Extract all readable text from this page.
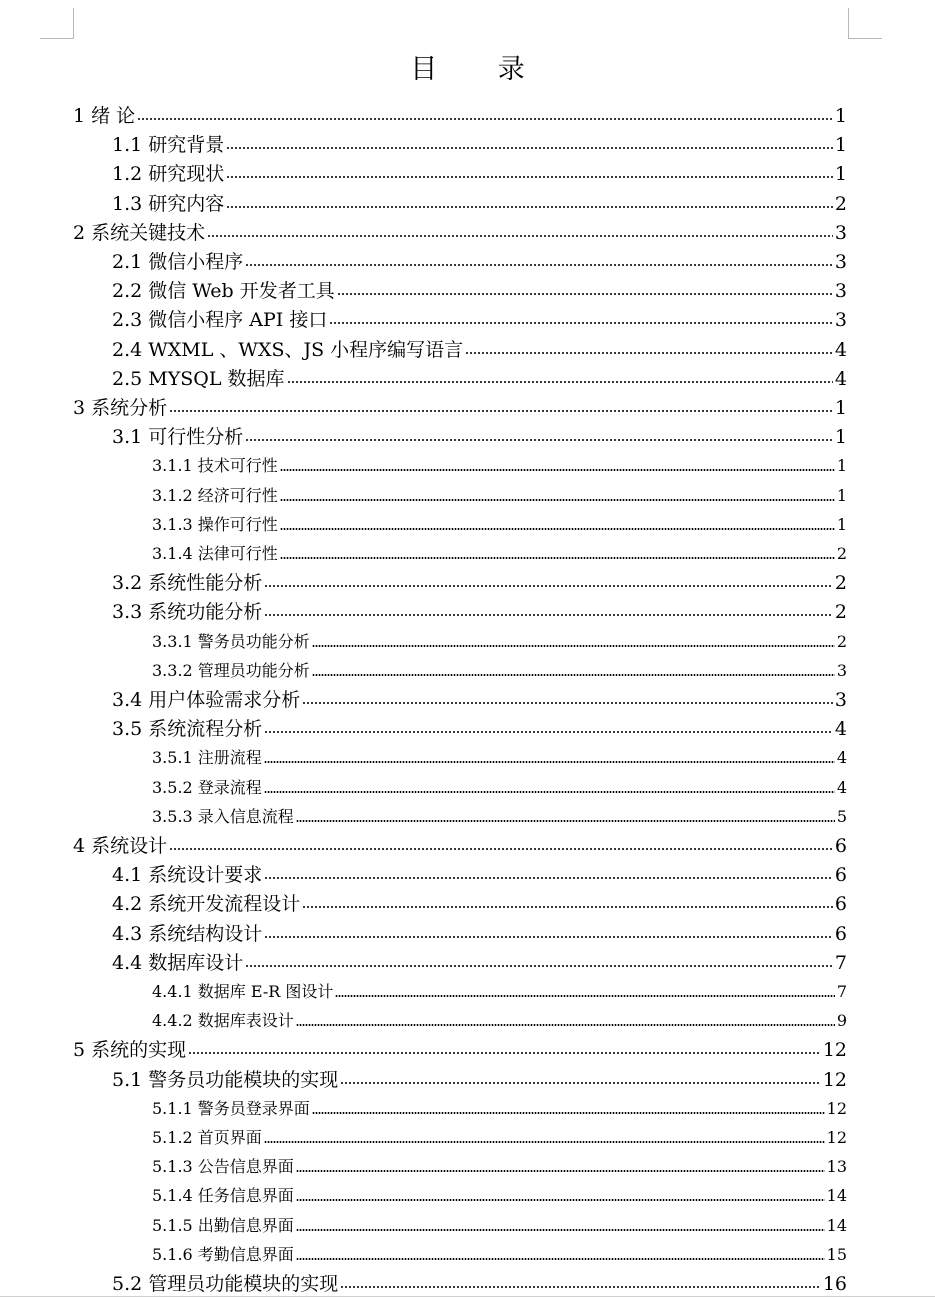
目 录
1 绪 论	1
1.1 研究背景	1
1.2 研究现状	1
1.3 研究内容	2
2 系统关键技术	3
2.1 微信小程序	3
2.2 微信 Web 开发者工具	3
2.3 微信小程序 API 接口	3
2.4 WXML 、WXS、JS 小程序编写语言	4
2.5 MYSQL 数据库	4
3 系统分析	1
3.1 可行性分析	1
3.1.1 技术可行性	1
3.1.2 经济可行性	1
3.1.3 操作可行性	1
3.1.4 法律可行性	2
3.2 系统性能分析	2
3.3 系统功能分析	2
3.3.1 警务员功能分析	2
3.3.2 管理员功能分析	3
3.4 用户体验需求分析	3
3.5 系统流程分析	4
3.5.1 注册流程	4
3.5.2 登录流程	4
3.5.3 录入信息流程	5
4 系统设计	6
4.1 系统设计要求	6
4.2 系统开发流程设计	6
4.3 系统结构设计	6
4.4 数据库设计	7
4.4.1 数据库 E-R 图设计	7
4.4.2 数据库表设计	9
5 系统的实现	12
5.1 警务员功能模块的实现	12
5.1.1 警务员登录界面	12
5.1.2 首页界面	12
5.1.3 公告信息界面	13
5.1.4 任务信息界面	14
5.1.5 出勤信息界面	14
5.1.6 考勤信息界面	15
5.2 管理员功能模块的实现	16
